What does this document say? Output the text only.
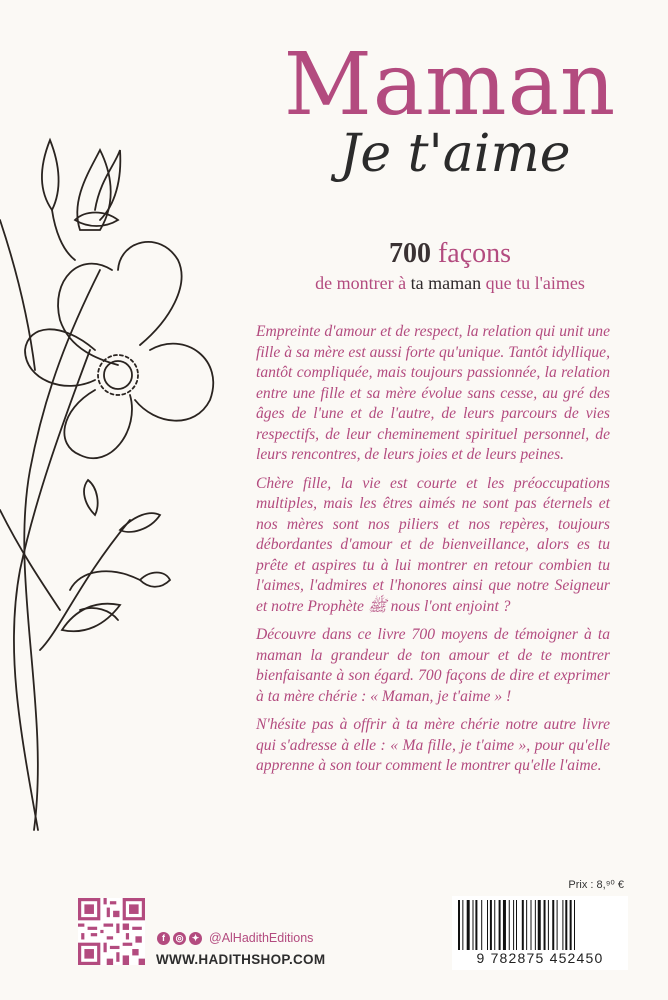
Maman
Je t'aime
700 façons
de montrer à ta maman que tu l'aimes

Empreinte d'amour et de respect, la relation qui unit une fille à sa mère est aussi forte qu'unique. Tantôt idyllique, tantôt compliquée, mais toujours passionnée, la relation entre une fille et sa mère évolue sans cesse, au gré des âges de l'une et de l'autre, de leurs parcours de vies respectifs, de leur cheminement spirituel personnel, de leurs rencontres, de leurs joies et de leurs peines.

Chère fille, la vie est courte et les préoccupations multiples, mais les êtres aimés ne sont pas éternels et nos mères sont nos piliers et nos repères, toujours débordantes d'amour et de bienveillance, alors es tu prête et aspires tu à lui montrer en retour combien tu l'aimes, l'admires et l'honores ainsi que notre Seigneur et notre Prophète ﷺ nous l'ont enjoint ?

Découvre dans ce livre 700 moyens de témoigner à ta maman la grandeur de ton amour et de te montrer bienfaisante à son égard. 700 façons de dire et exprimer à ta mère chérie : « Maman, je t'aime » !

N'hésite pas à offrir à ta mère chérie notre autre livre qui s'adresse à elle : « Ma fille, je t'aime », pour qu'elle apprenne à son tour comment le montrer qu'elle l'aime.

Prix : 8,⁹⁰ €
f	◎ ✦ @AlHadithEditions
WWW.HADITHSHOP.COM	9 782875 452450
